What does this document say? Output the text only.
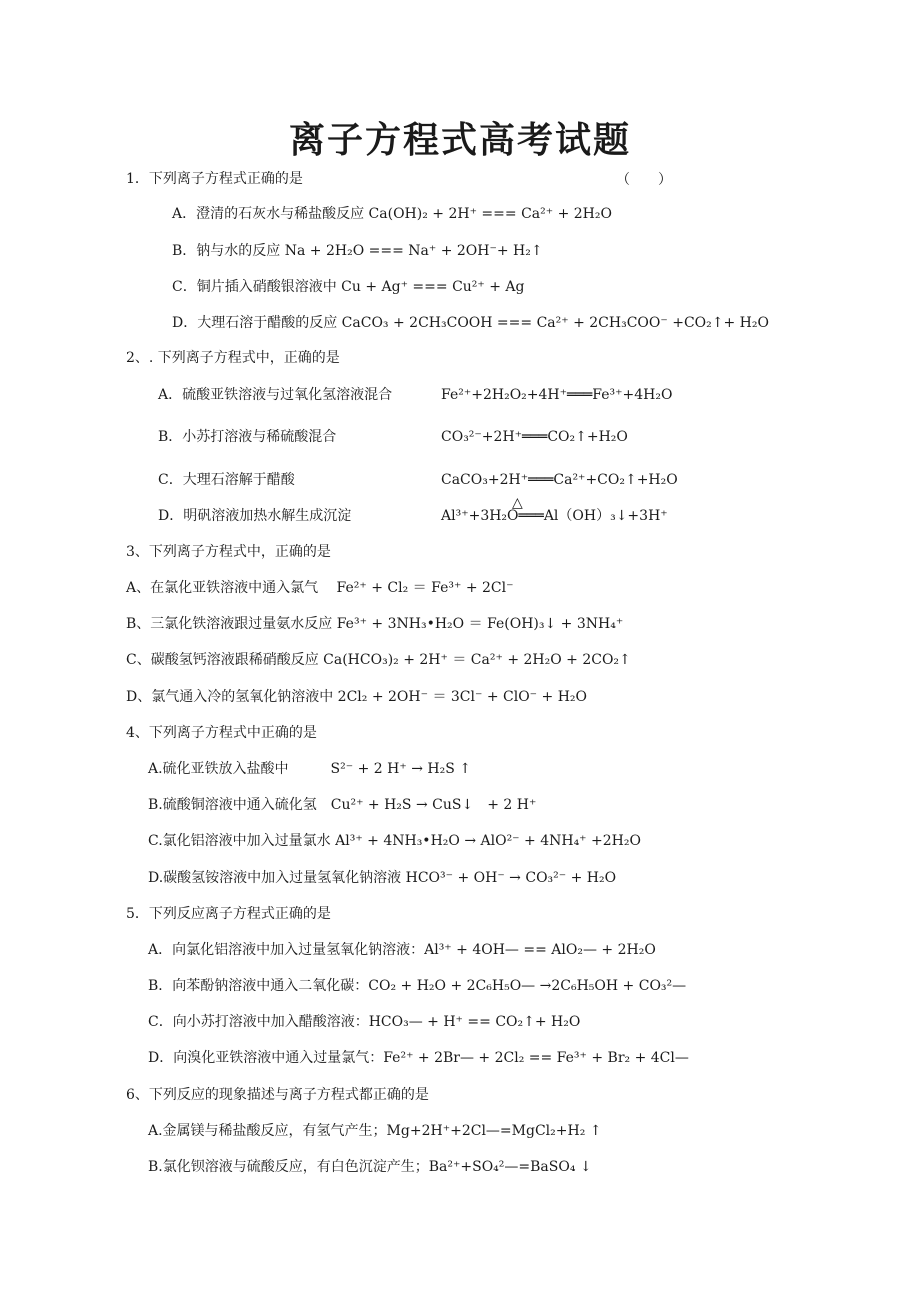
离子方程式高考试题
1．下列离子方程式正确的是	（　　）
A．澄清的石灰水与稀盐酸反应 Ca(OH)₂ + 2H⁺ === Ca²⁺ + 2H₂O
B．钠与水的反应 Na + 2H₂O === Na⁺ + 2OH⁻+ H₂↑
C．铜片插入硝酸银溶液中 Cu + Ag⁺ === Cu²⁺ + Ag
D．大理石溶于醋酸的反应 CaCO₃ + 2CH₃COOH === Ca²⁺ + 2CH₃COO⁻ +CO₂↑+ H₂O
2、. 下列离子方程式中，正确的是
A．硫酸亚铁溶液与过氧化氢溶液混合	Fe²⁺+2H₂O₂+4H⁺═══Fe³⁺+4H₂O
B．小苏打溶液与稀硫酸混合	CO₃²⁻+2H⁺═══CO₂↑+H₂O
C．大理石溶解于醋酸	CaCO₃+2H⁺═══Ca²⁺+CO₂↑+H₂O
△
D．明矾溶液加热水解生成沉淀	Al³⁺+3H₂O═══Al（OH）₃↓+3H⁺
3、下列离子方程式中，正确的是
A、在氯化亚铁溶液中通入氯气　 Fe²⁺ + Cl₂ ＝ Fe³⁺ + 2Cl⁻
B、三氯化铁溶液跟过量氨水反应 Fe³⁺ + 3NH₃•H₂O ＝ Fe(OH)₃↓ + 3NH₄⁺
C、碳酸氢钙溶液跟稀硝酸反应 Ca(HCO₃)₂ + 2H⁺ ＝ Ca²⁺ + 2H₂O + 2CO₂↑
D、氯气通入冷的氢氧化钠溶液中 2Cl₂ + 2OH⁻ ＝ 3Cl⁻ + ClO⁻ + H₂O
4、下列离子方程式中正确的是
A.硫化亚铁放入盐酸中　　　S²⁻ + 2 H⁺ → H₂S ↑
B.硫酸铜溶液中通入硫化氢　Cu²⁺ + H₂S → CuS↓　+ 2 H⁺
C.氯化铝溶液中加入过量氯水 Al³⁺ + 4NH₃•H₂O → AlO²⁻ + 4NH₄⁺ +2H₂O
D.碳酸氢铵溶液中加入过量氢氧化钠溶液 HCO³⁻ + OH⁻ → CO₃²⁻ + H₂O
5．下列反应离子方程式正确的是
A．向氯化铝溶液中加入过量氢氧化钠溶液：Al³⁺ + 4OH— == AlO₂— + 2H₂O
B．向苯酚钠溶液中通入二氧化碳：CO₂ + H₂O + 2C₆H₅O— →2C₆H₅OH + CO₃²—
C．向小苏打溶液中加入醋酸溶液：HCO₃— + H⁺ == CO₂↑+ H₂O
D．向溴化亚铁溶液中通入过量氯气：Fe²⁺ + 2Br— + 2Cl₂ == Fe³⁺ + Br₂ + 4Cl—
6、下列反应的现象描述与离子方程式都正确的是
A.金属镁与稀盐酸反应，有氢气产生；Mg+2H⁺+2Cl—=MgCl₂+H₂ ↑
B.氯化钡溶液与硫酸反应，有白色沉淀产生；Ba²⁺+SO₄²—=BaSO₄ ↓
